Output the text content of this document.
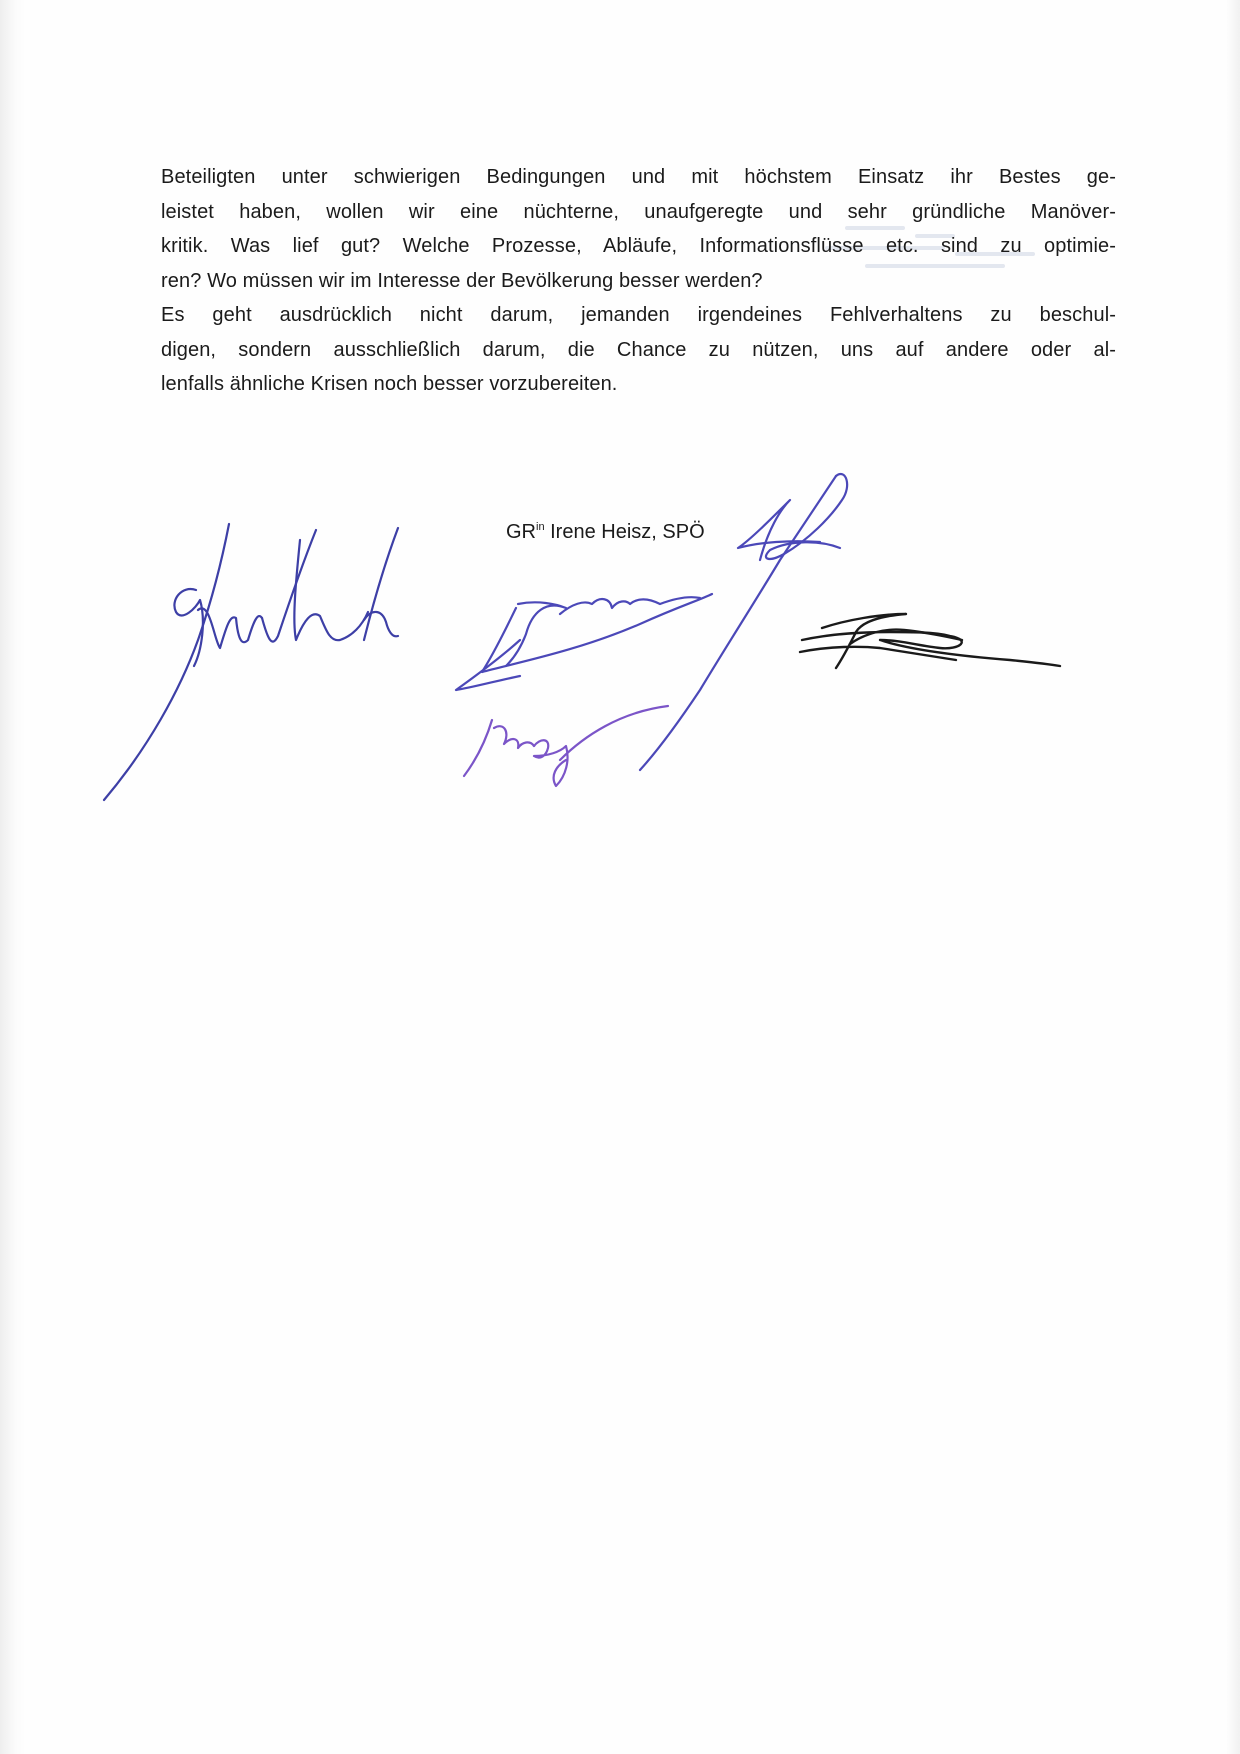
Beteiligten unter schwierigen Bedingungen und mit höchstem Einsatz ihr Bestes ge-
leistet haben, wollen wir eine nüchterne, unaufgeregte und sehr gründliche Manöver-
kritik. Was lief gut? Welche Prozesse, Abläufe, Informationsflüsse etc. sind zu optimie-
ren? Wo müssen wir im Interesse der Bevölkerung besser werden?
Es geht ausdrücklich nicht darum, jemanden irgendeines Fehlverhaltens zu beschul-
digen, sondern ausschließlich darum, die Chance zu nützen, uns auf andere oder al-
lenfalls ähnliche Krisen noch besser vorzubereiten.
$GR^{in}$ Irene Heisz, SPÖ
